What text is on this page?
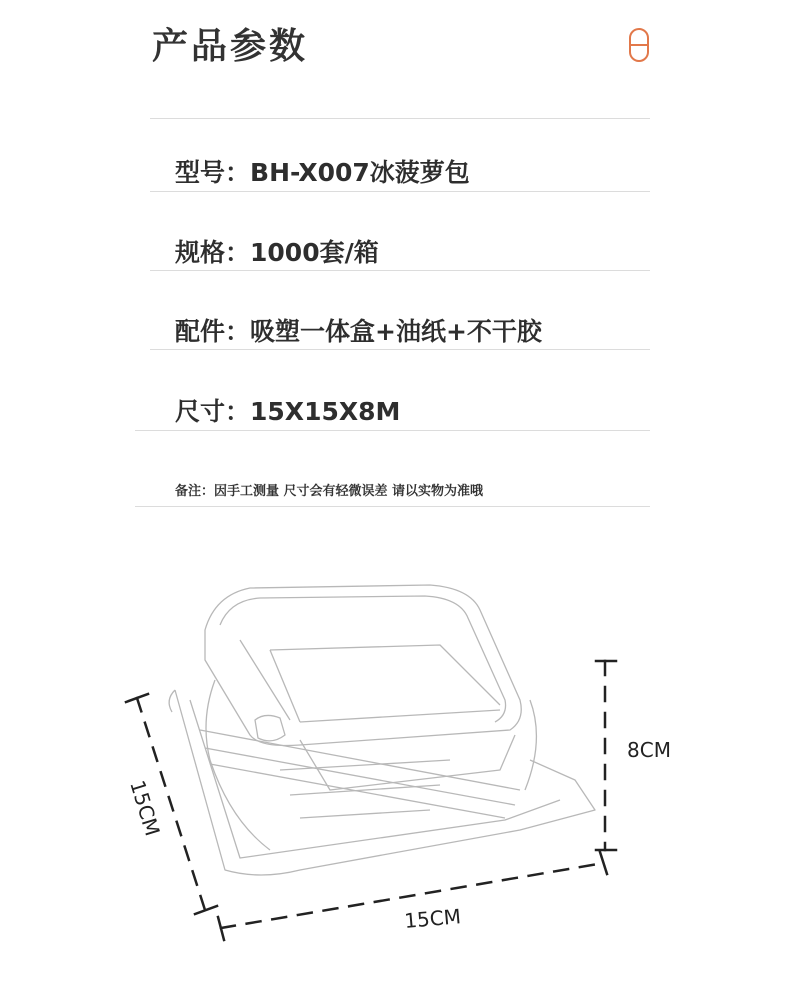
产品参数
型号：BH-X007冰菠萝包
规格：1000套/箱
配件：吸塑一体盒+油纸+不干胶
尺寸：15X15X8M
备注：因手工测量 尺寸会有轻微误差 请以实物为准哦
8CM
15CM
15CM
